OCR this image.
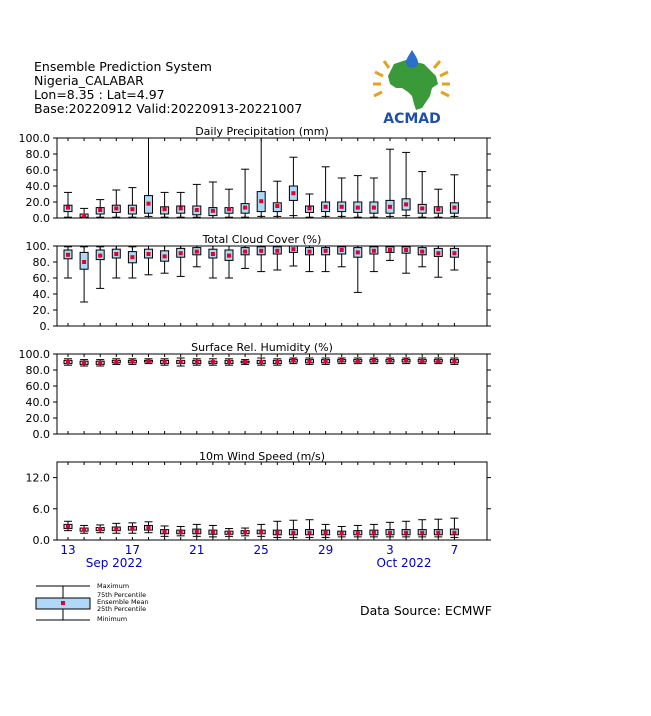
Ensemble Prediction System
Nigeria_CALABAR
Lon=8.35 : Lat=4.97
Base:20220912 Valid:20220913-20221007
ACMAD
0.0
20.0
40.0
60.0
80.0
100.0
Daily Precipitation (mm)
0.
20.
40.
60.
80.
100.
Total Cloud Cover (%)
0.0
20.0
40.0
60.0
80.0
100.0
Surface Rel. Humidity (%)
0.0
6.0
12.0
10m Wind Speed (m/s)
13	17	21	25	29	3	7
Sep 2022	Oct 2022
Data Source: ECMWF
Maximum
75th Percentile
Ensemble Mean
25th Percentile
Minimum
